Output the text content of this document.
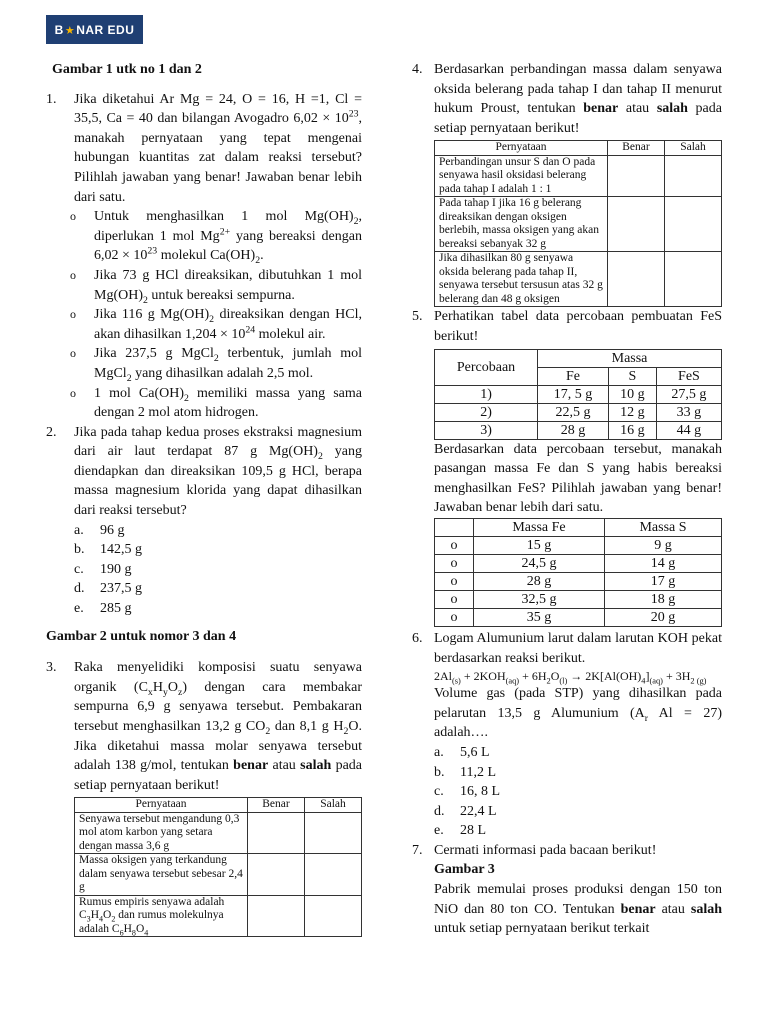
B★NAR EDU

Gambar 1 utk no 1 dan 2

1.	Jika diketahui Ar Mg = 24, O = 16, H =1, Cl = 35,5, Ca = 40 dan bilangan Avogadro $6,02 \times 10^{23}$, manakah pernyataan yang tepat mengenai hubungan kuantitas zat dalam reaksi tersebut? Pilihlah jawaban yang benar! Jawaban benar lebih dari satu.
o	Untuk menghasilkan 1 mol $Mg(OH)_2$, diperlukan 1 mol $Mg^{2+}$ yang bereaksi dengan $6,02 \times 10^{23}$ molekul $Ca(OH)_2$.
o	Jika 73 g HCl direaksikan, dibutuhkan 1 mol $Mg(OH)_2$ untuk bereaksi sempurna.
o	Jika 116 g $Mg(OH)_2$ direaksikan dengan HCl, akan dihasilkan $1,204 \times 10^{24}$ molekul air.
o	Jika 237,5 g MgCl$_2$ terbentuk, jumlah mol MgCl$_2$ yang dihasilkan adalah 2,5 mol.
o	1 mol $Ca(OH)_2$ memiliki massa yang sama dengan 2 mol atom hidrogen.
2.	Jika pada tahap kedua proses ekstraksi magnesium dari air laut terdapat 87 g $Mg(OH)_2$ yang diendapkan dan direaksikan 109,5 g HCl, berapa massa magnesium klorida yang dapat dihasilkan dari reaksi tersebut?
a.	96 g
b.	142,5 g
c.	190 g
d.	237,5 g
e.	285 g

Gambar 2 untuk nomor 3 dan 4

3.	Raka menyelidiki komposisi suatu senyawa organik $(C_xH_yO_z)$ dengan cara membakar sempurna 6,9 g senyawa tersebut. Pembakaran tersebut menghasilkan 13,2 g $CO_2$ dan 8,1 g $H_2O$. Jika diketahui massa molar senyawa tersebut adalah 138 g/mol, tentukan benar atau salah pada setiap pernyataan berikut!
Pernyataan	Benar	Salah
Senyawa tersebut mengandung 0,3 mol atom karbon yang setara dengan massa 3,6 g		
Massa oksigen yang terkandung dalam senyawa tersebut sebesar 2,4 g		
Rumus empiris senyawa adalah $C_3H_4O_2$ dan rumus molekulnya adalah $C_6H_8O_4$		
4. Berdasarkan perbandingan massa dalam senyawa oksida belerang pada tahap I dan tahap II menurut hukum Proust, tentukan benar atau salah pada setiap pernyataan berikut!
Pernyataan	Benar	Salah
Perbandingan unsur S dan O pada senyawa hasil oksidasi belerang pada tahap I adalah 1 : 1		
Pada tahap I jika 16 g belerang direaksikan dengan oksigen berlebih, massa oksigen yang akan bereaksi sebanyak 32 g		
Jika dihasilkan 80 g senyawa oksida belerang pada tahap II, senyawa tersebut tersusun atas 32 g belerang dan 48 g oksigen		
5. Perhatikan tabel data percobaan pembuatan FeS berikut!
Percobaan	Massa		
	Fe	S	FeS
1)	17, 5 g	10 g	27,5 g
2)	22,5 g	12 g	33 g
3)	28 g	16 g	44 g
Berdasarkan data percobaan tersebut, manakah pasangan massa Fe dan S yang habis bereaksi menghasilkan FeS? Pilihlah jawaban yang benar! Jawaban benar lebih dari satu.
	Massa Fe	Massa S
o	15 g	9 g
o	24,5 g	14 g
o	28 g	17 g
o	32,5 g	18 g
o	35 g	20 g
6. Logam Alumunium larut dalam larutan KOH pekat berdasarkan reaksi berikut.
$2Al_{(s)} + 2KOH_{(aq)} + 6H_2O_{(l)} \to 2K[Al(OH)_4]_{(aq)} + 3H_{2 (g)}$
Volume gas (pada STP) yang dihasilkan pada pelarutan 13,5 g Alumunium ($A_r$ Al = 27) adalah….
a.	5,6 L
b.	11,2 L
c.	16, 8 L
d.	22,4 L
e.	28 L
7. Cermati informasi pada bacaan berikut!
Gambar 3
Pabrik memulai proses produksi dengan 150 ton NiO dan 80 ton CO. Tentukan benar atau salah untuk setiap pernyataan berikut terkait
